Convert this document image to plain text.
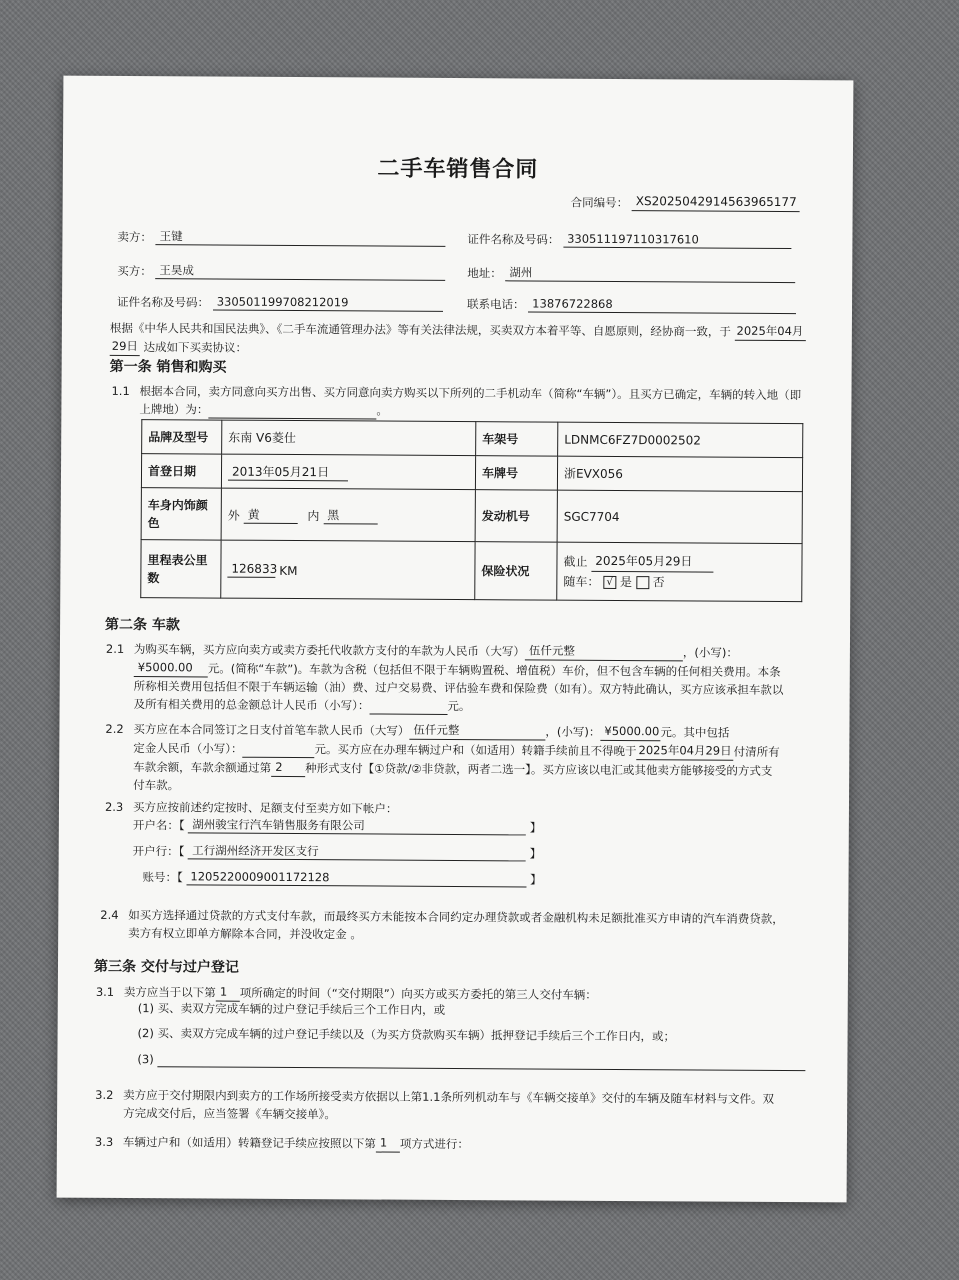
二手车销售合同
合同编号： XS2025042914563965177
卖方： 王键	证件名称及号码： 330511197110317610
买方： 王昊成	地址： 湖州
证件名称及号码： 330501199708212019	联系电话： 13876722868
根据《中华人民共和国民法典》、《二手车流通管理办法》等有关法律法规，买卖双方本着平等、自愿原则，经协商一致，于 2025年04月
29日 达成如下买卖协议：
第一条 销售和购买
1.1 根据本合同，卖方同意向买方出售、买方同意向卖方购买以下所列的二手机动车（简称“车辆”）。且买方已确定，车辆的转入地（即
上牌地）为：	。
品牌及型号	东南 V6菱仕	车架号	LDNMC6FZ7D0002502
首登日期	2013年05月21日	车牌号	浙EVX056
车身内饰颜色	外 黄 内 黑	发动机号	SGC7704
里程表公里数	126833 KM	保险状况	截止 2025年05月29日
随车： √ 是 否
第二条 车款
2.1 为购买车辆，买方应向卖方或卖方委托代收款方支付的车款为人民币（大写） 伍仟元整	，(小写)：
¥5000.00 元。(简称“车款”)。车款为含税（包括但不限于车辆购置税、增值税）车价，但不包含车辆的任何相关费用。本条
所称相关费用包括但不限于车辆运输（油）费、过户交易费、评估验车费和保险费（如有）。双方特此确认，买方应该承担车款以
及所有相关费用的总金额总计人民币（小写）：	元。
2.2 买方应在本合同签订之日支付首笔车款人民币（大写） 伍仟元整	，(小写)： ¥5000.00元。其中包括
定金人民币（小写）：	元。买方应在办理车辆过户和（如适用）转籍手续前且不得晚于 2025年04月29日 付清所有
车款余额，车款余额通过第 2 种形式支付【①贷款/②非贷款，两者二选一】。买方应该以电汇或其他卖方能够接受的方式支
付车款。
2.3 买方应按前述约定按时、足额支付至卖方如下帐户：
开户名：【 湖州骏宝行汽车销售服务有限公司	】
开户行：【 工行湖州经济开发区支行	】
账号：【 1205220009001172128	】
2.4 如买方选择通过贷款的方式支付车款，而最终买方未能按本合同约定办理贷款或者金融机构未足额批准买方申请的汽车消费贷款，
卖方有权立即单方解除本合同，并没收定金 。
第三条 交付与过户登记
3.1 卖方应当于以下第 1 项所确定的时间（“交付期限”）向买方或买方委托的第三人交付车辆：
(1) 买、卖双方完成车辆的过户登记手续后三个工作日内，或
(2) 买、卖双方完成车辆的过户登记手续以及（为买方贷款购买车辆）抵押登记手续后三个工作日内，或；
(3)
3.2 卖方应于交付期限内到卖方的工作场所接受卖方依据以上第1.1条所列机动车与《车辆交接单》交付的车辆及随车材料与文件。双
方完成交付后，应当签署《车辆交接单》。
3.3 车辆过户和（如适用）转籍登记手续应按照以下第 1 项方式进行：
